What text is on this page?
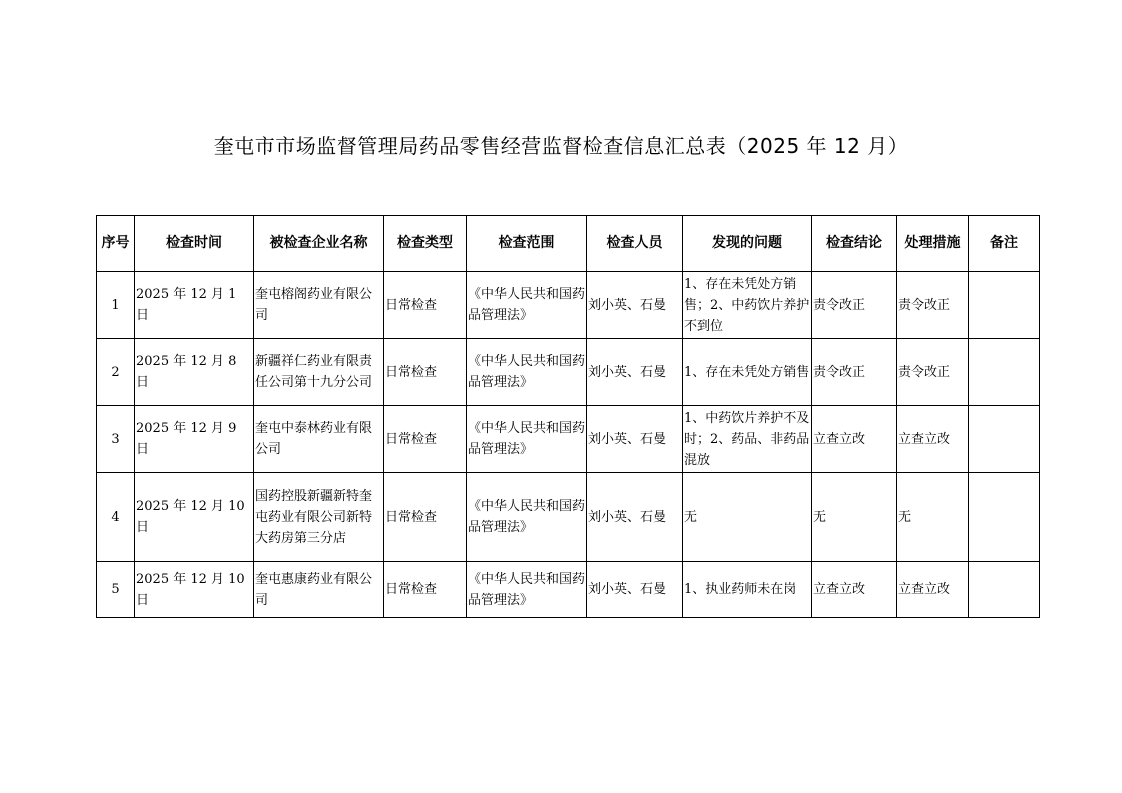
奎屯市市场监督管理局药品零售经营监督检查信息汇总表（2025 年 12 月）
序号	检查时间	被检查企业名称	检查类型	检查范围	检查人员	发现的问题	检查结论	处理措施	备注
1	2025 年 12 月 1 日	奎屯榕阁药业有限公司	日常检查	《中华人民共和国药品管理法》	刘小英、石曼	1、存在未凭处方销售；2、中药饮片养护不到位	责令改正	责令改正	
2	2025 年 12 月 8 日	新疆祥仁药业有限责任公司第十九分公司	日常检查	《中华人民共和国药品管理法》	刘小英、石曼	1、存在未凭处方销售	责令改正	责令改正	
3	2025 年 12 月 9 日	奎屯中泰林药业有限公司	日常检查	《中华人民共和国药品管理法》	刘小英、石曼	1、中药饮片养护不及时；2、药品、非药品混放	立查立改	立查立改	
4	2025 年 12 月 10 日	国药控股新疆新特奎屯药业有限公司新特大药房第三分店	日常检查	《中华人民共和国药品管理法》	刘小英、石曼	无	无	无	
5	2025 年 12 月 10 日	奎屯惠康药业有限公司	日常检查	《中华人民共和国药品管理法》	刘小英、石曼	1、执业药师未在岗	立查立改	立查立改	
